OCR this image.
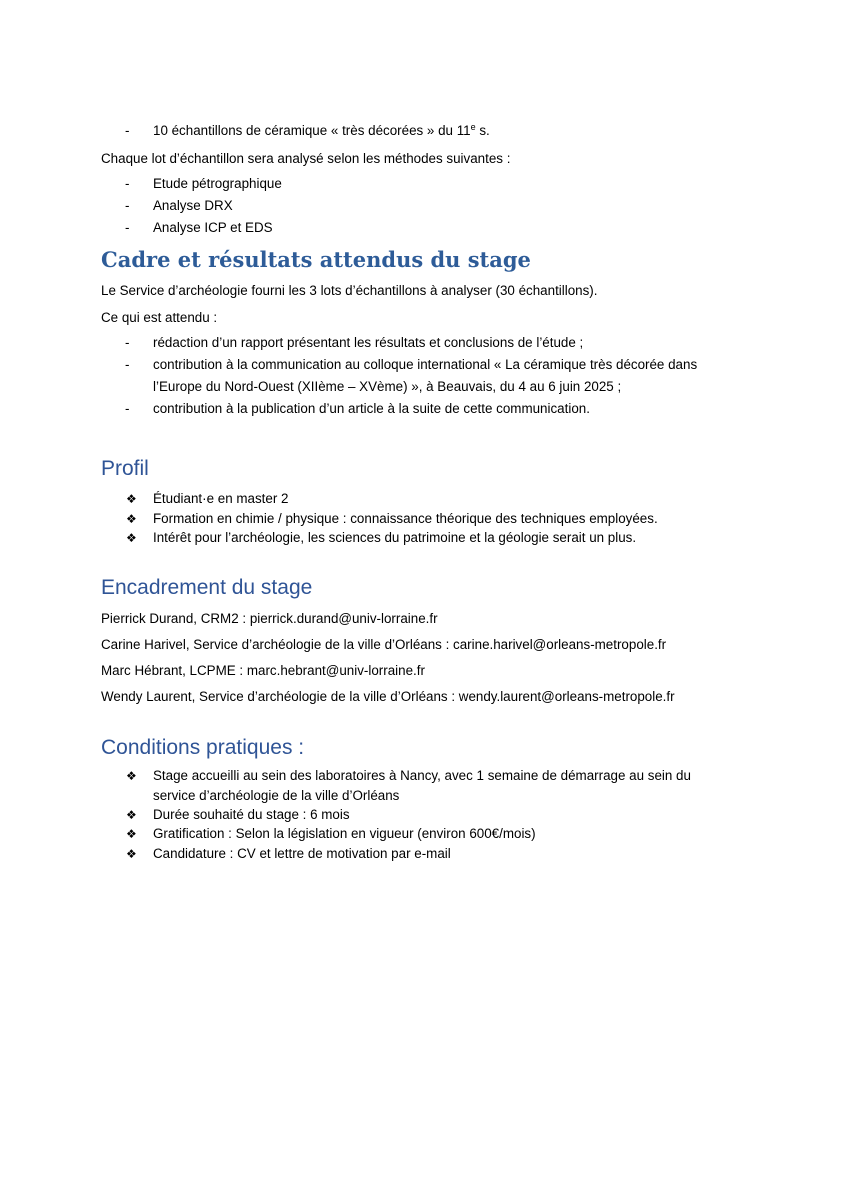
- 10 échantillons de céramique « très décorées » du 11e s.
Chaque lot d’échantillon sera analysé selon les méthodes suivantes :
- Etude pétrographique
- Analyse DRX
- Analyse ICP et EDS
Cadre et résultats attendus du stage
Le Service d’archéologie fourni les 3 lots d’échantillons à analyser (30 échantillons).
Ce qui est attendu :
- rédaction d’un rapport présentant les résultats et conclusions de l’étude ;
- contribution à la communication au colloque international « La céramique très décorée dans
l’Europe du Nord-Ouest (XIIème – XVème) », à Beauvais, du 4 au 6 juin 2025 ;
- contribution à la publication d’un article à la suite de cette communication.
Profil
❖ Étudiant·e en master 2
❖ Formation en chimie / physique : connaissance théorique des techniques employées.
❖ Intérêt pour l’archéologie, les sciences du patrimoine et la géologie serait un plus.
Encadrement du stage
Pierrick Durand, CRM2 : pierrick.durand@univ-lorraine.fr
Carine Harivel, Service d’archéologie de la ville d’Orléans : carine.harivel@orleans-metropole.fr
Marc Hébrant, LCPME : marc.hebrant@univ-lorraine.fr
Wendy Laurent, Service d’archéologie de la ville d’Orléans : wendy.laurent@orleans-metropole.fr
Conditions pratiques :
❖ Stage accueilli au sein des laboratoires à Nancy, avec 1 semaine de démarrage au sein du
service d’archéologie de la ville d’Orléans
❖ Durée souhaité du stage : 6 mois
❖ Gratification : Selon la législation en vigueur (environ 600€/mois)
❖ Candidature : CV et lettre de motivation par e-mail
